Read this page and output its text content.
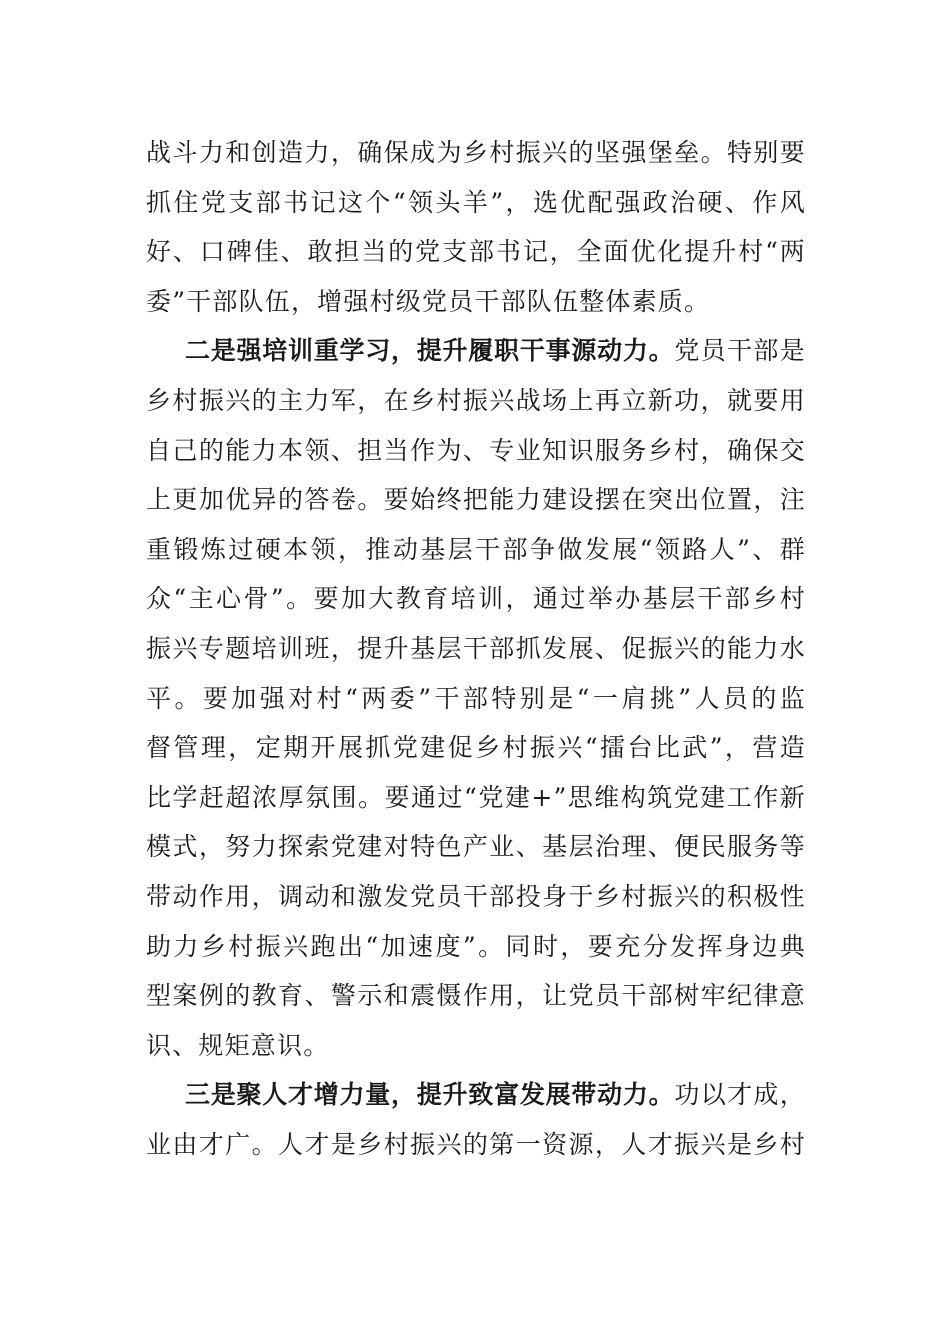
战斗力和创造力，确保成为乡村振兴的坚强堡垒。特别要
抓住党支部书记这个“领头羊”，选优配强政治硬、作风
好、口碑佳、敢担当的党支部书记，全面优化提升村“两
委”干部队伍，增强村级党员干部队伍整体素质。
二是强培训重学习，提升履职干事源动力。党员干部是
乡村振兴的主力军，在乡村振兴战场上再立新功，就要用
自己的能力本领、担当作为、专业知识服务乡村，确保交
上更加优异的答卷。要始终把能力建设摆在突出位置，注
重锻炼过硬本领，推动基层干部争做发展“领路人”、群
众“主心骨”。要加大教育培训，通过举办基层干部乡村
振兴专题培训班，提升基层干部抓发展、促振兴的能力水
平。要加强对村“两委”干部特别是“一肩挑”人员的监
督管理，定期开展抓党建促乡村振兴“擂台比武”，营造
比学赶超浓厚氛围。要通过“党建+”思维构筑党建工作新
模式，努力探索党建对特色产业、基层治理、便民服务等
带动作用，调动和激发党员干部投身于乡村振兴的积极性
助力乡村振兴跑出“加速度”。同时，要充分发挥身边典
型案例的教育、警示和震慑作用，让党员干部树牢纪律意
识、规矩意识。
三是聚人才增力量，提升致富发展带动力。功以才成，
业由才广。人才是乡村振兴的第一资源，人才振兴是乡村
